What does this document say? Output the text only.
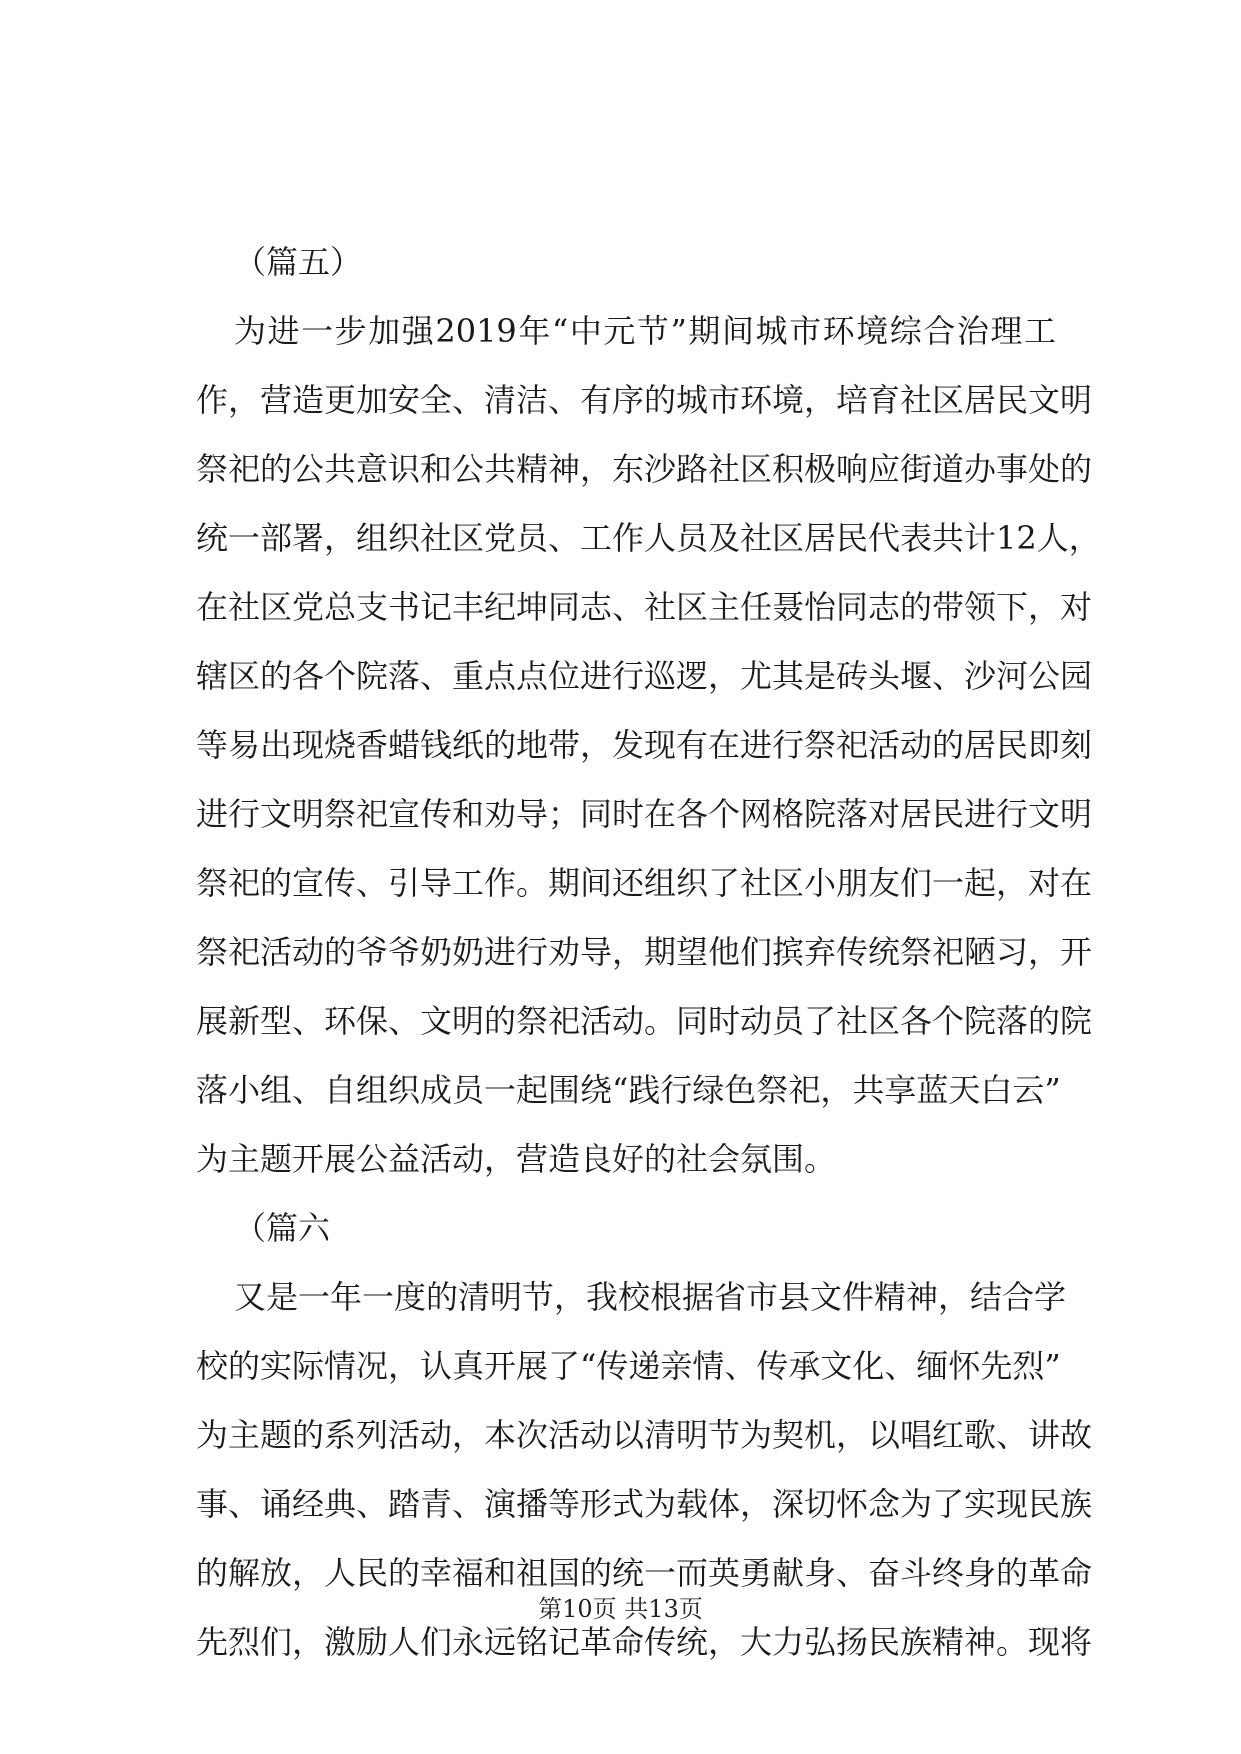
（篇五）
为进一步加强2019年“中元节”期间城市环境综合治理工
作，营造更加安全、清洁、有序的城市环境，培育社区居民文明
祭祀的公共意识和公共精神，东沙路社区积极响应街道办事处的
统一部署，组织社区党员、工作人员及社区居民代表共计12人，
在社区党总支书记丰纪坤同志、社区主任聂怡同志的带领下，对
辖区的各个院落、重点点位进行巡逻，尤其是砖头堰、沙河公园
等易出现烧香蜡钱纸的地带，发现有在进行祭祀活动的居民即刻
进行文明祭祀宣传和劝导；同时在各个网格院落对居民进行文明
祭祀的宣传、引导工作。期间还组织了社区小朋友们一起，对在
祭祀活动的爷爷奶奶进行劝导，期望他们摈弃传统祭祀陋习，开
展新型、环保、文明的祭祀活动。同时动员了社区各个院落的院
落小组、自组织成员一起围绕“践行绿色祭祀，共享蓝天白云”
为主题开展公益活动，营造良好的社会氛围。
（篇六
又是一年一度的清明节，我校根据省市县文件精神，结合学
校的实际情况，认真开展了“传递亲情、传承文化、缅怀先烈”
为主题的系列活动，本次活动以清明节为契机，以唱红歌、讲故
事、诵经典、踏青、演播等形式为载体，深切怀念为了实现民族
的解放，人民的幸福和祖国的统一而英勇献身、奋斗终身的革命
先烈们，激励人们永远铭记革命传统，大力弘扬民族精神。现将
第10页 共13页
